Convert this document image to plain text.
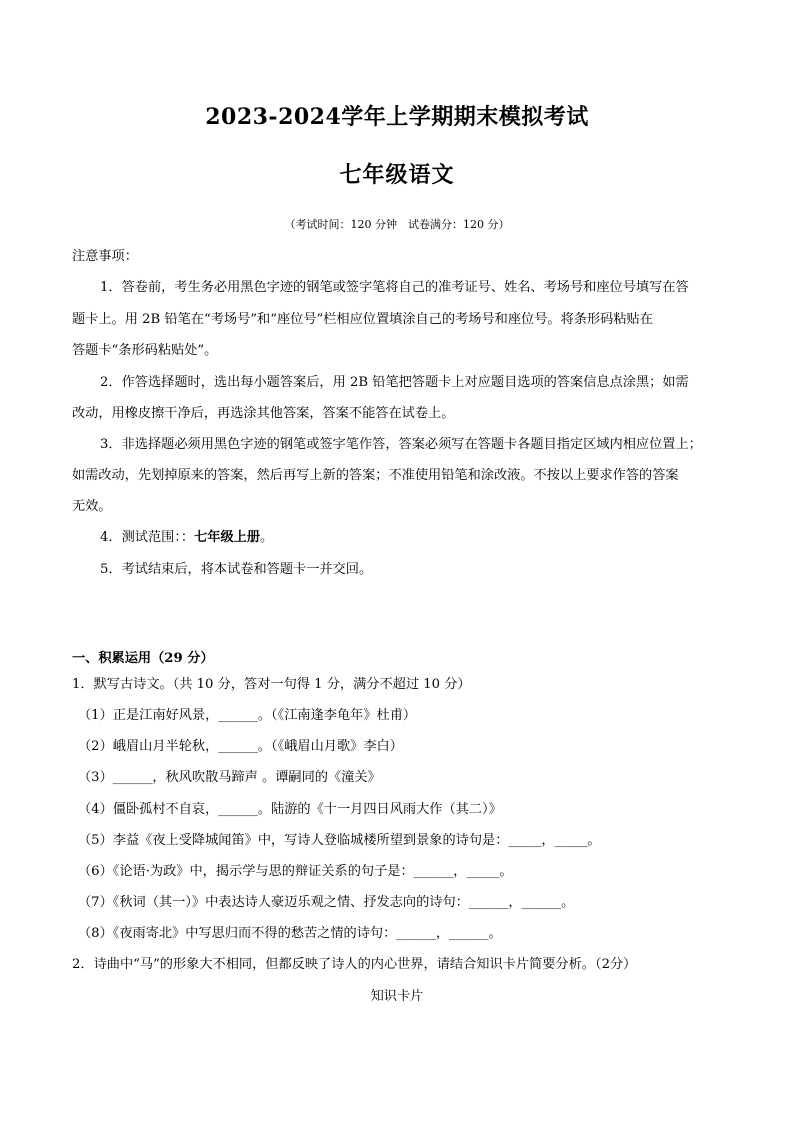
2023-2024学年上学期期末模拟考试
七年级语文
（考试时间：120 分钟　试卷满分：120 分）
注意事项：
1．答卷前，考生务必用黑色字迹的钢笔或签字笔将自己的准考证号、姓名、考场号和座位号填写在答
题卡上。用 2B 铅笔在“考场号”和“座位号”栏相应位置填涂自己的考场号和座位号。将条形码粘贴在
答题卡“条形码粘贴处”。
2．作答选择题时，选出每小题答案后，用 2B 铅笔把答题卡上对应题目选项的答案信息点涂黑；如需
改动，用橡皮擦干净后，再选涂其他答案，答案不能答在试卷上。
3．非选择题必须用黑色字迹的钢笔或签字笔作答，答案必须写在答题卡各题目指定区域内相应位置上；
如需改动，先划掉原来的答案，然后再写上新的答案；不准使用铅笔和涂改液。不按以上要求作答的答案
无效。
4．测试范围：：七年级上册。
5．考试结束后，将本试卷和答题卡一并交回。
一、积累运用（29 分）
1．默写古诗文。（共 10 分，答对一句得 1 分，满分不超过 10 分）
（1）正是江南好风景，______。（《江南逢李龟年》杜甫）
（2）峨眉山月半轮秋，______。（《峨眉山月歌》李白）
（3）______，秋风吹散马蹄声 。谭嗣同的《潼关》
（4）僵卧孤村不自哀，______。陆游的《十一月四日风雨大作（其二）》
（5）李益《夜上受降城闻笛》中，写诗人登临城楼所望到景象的诗句是：_____，_____。
（6）《论语·为政》中，揭示学与思的辩证关系的句子是：______，_____。
（7）《秋词（其一）》中表达诗人豪迈乐观之情、抒发志向的诗句：______，______。
（8）《夜雨寄北》中写思归而不得的愁苦之情的诗句：______，______。
2．诗曲中“马”的形象大不相同，但都反映了诗人的内心世界，请结合知识卡片简要分析。（2分）
知识卡片
